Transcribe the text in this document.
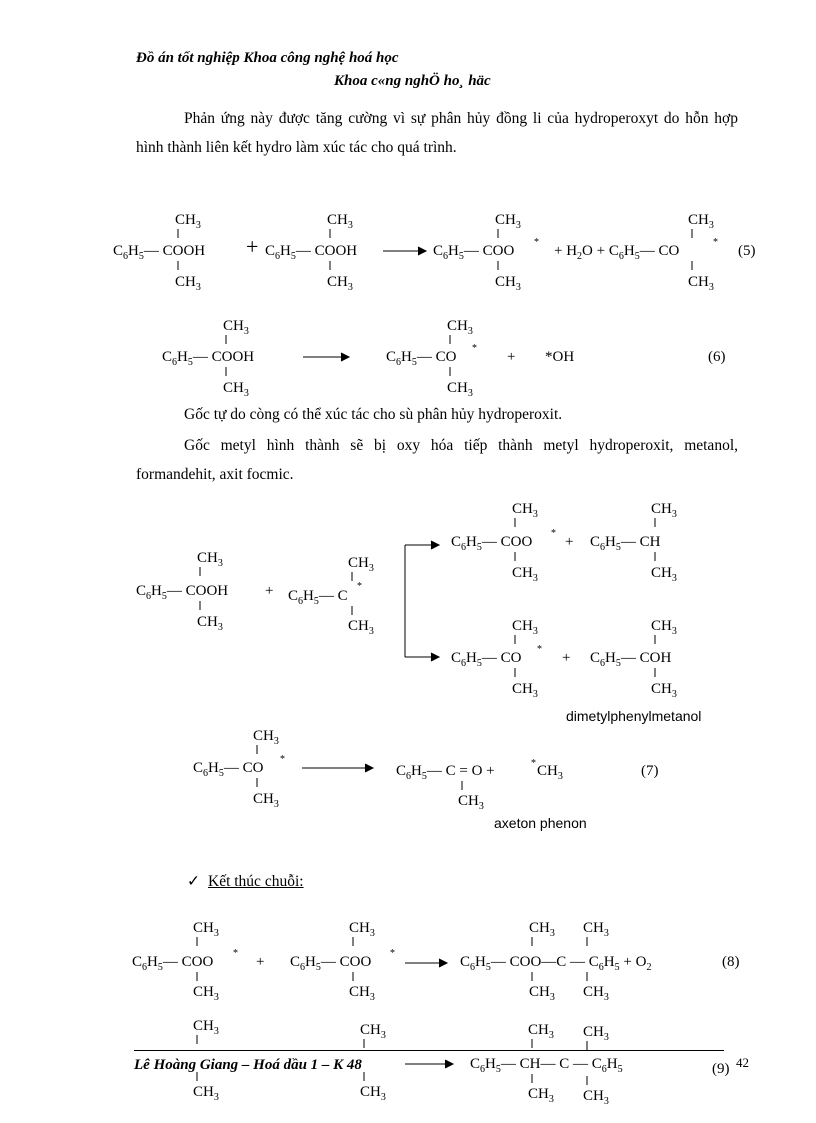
Đồ án tốt nghiệp Khoa công nghệ hoá học
Khoa c«ng nghÖ ho¸ häc
Phản ứng này được tăng cường vì sự phân hủy đồng li của hydroperoxyt do hỗn hợp hình thành liên kết hydro làm xúc tác cho quá trình.
$CH_3$
$C_6H_5—$ COOH
$CH_3$
+
$CH_3$
$C_6H_5—$ COOH
$CH_3$
$CH_3$
$C_6H_5—$ COO
*
$CH_3$
+ $H_2O$ + $C_6H_5—$ CO
*
$CH_3$
$CH_3$
(5)
$CH_3$
$C_6H_5—$ COOH
$CH_3$
$CH_3$
$C_6H_5—$ CO
*
$CH_3$
+ *OH	(6)
Gốc tự do còng có thể xúc tác cho sù phân hủy hydroperoxit.
Gốc metyl hình thành sẽ bị oxy hóa tiếp thành metyl hydroperoxit, metanol, formandehit, axit focmic.
$CH_3$
$C_6H_5—$ COOH
$CH_3$
+
$CH_3$
$C_6H_5—$ C
*
$CH_3$
$CH_3$
$C_6H_5—$ COO
*
$CH_3$
+
$CH_3$
$C_6H_5—$ CH
$CH_3$
$CH_3$
$C_6H_5—$ CO
*
$CH_3$
+
$CH_3$
$C_6H_5—$ COH
$CH_3$
dimetylphenylmetanol
$CH_3$
$C_6H_5—$ CO
*
$CH_3$
$C_6H_5—$ C = O +	* $CH_3$
$CH_3$
(7)
axeton phenon
✓ Kết thúc chuỗi:
$CH_3$
$C_6H_5—$ COO
*
$CH_3$
+
$CH_3$
$C_6H_5—$ COO
*
$CH_3$
$CH_3$ $CH_3$
$C_6H_5—$ COO—C — $C_6H_5 + O_2$
$CH_3$ $CH_3$
(8)
$CH_3$	$CH_3$
$CH_3$	$CH_3$
$CH_3$ $CH_3$
$C_6H_5—$ CH— C — $C_6H_5$
$CH_3$ $CH_3$
(9)
Lê Hoàng Giang – Hoá dầu 1 – K 48	42
